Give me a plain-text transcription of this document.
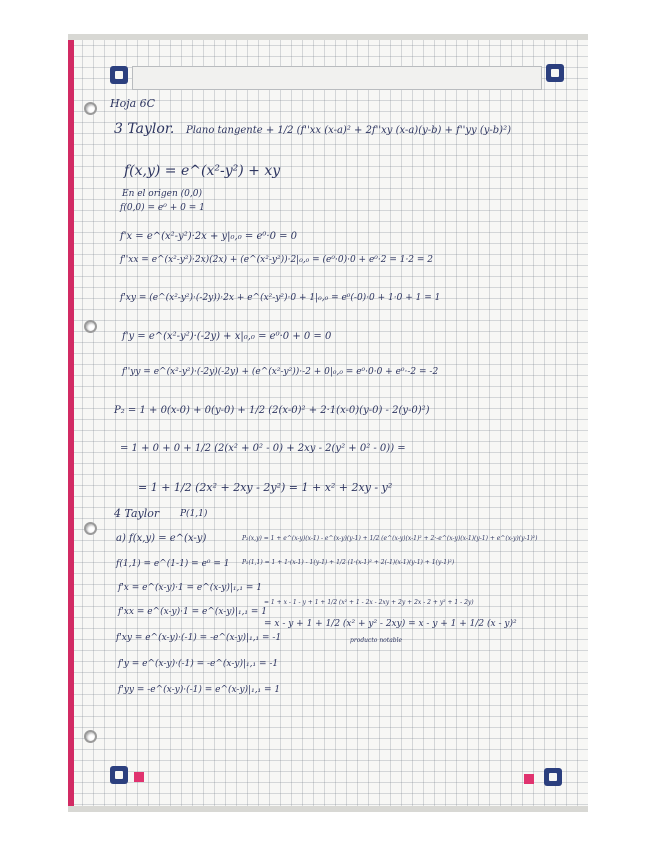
Hoja 6C
3 Taylor. Plano tangente + 1/2 (f''xx (x-a)² + 2f''xy (x-a)(y-b) + f''yy (y-b)²)
f(x,y) = e^(x²-y²) + xy
En el origen (0,0)
f(0,0) = e⁰ + 0 = 1
f'x = e^(x²-y²)·2x + y|₀,₀ = e⁰·0 = 0
f''xx = e^(x²-y²)·2x)(2x) + (e^(x²-y²))·2|₀,₀ = (e⁰·0)·0 + e⁰·2 = 1·2 = 2
f'xy = (e^(x²-y²)·(-2y))·2x + e^(x²-y²)·0 + 1|₀,₀ = e⁰(-0)·0 + 1·0 + 1 = 1
f'y = e^(x²-y²)·(-2y) + x|₀,₀ = e⁰·0 + 0 = 0
f''yy = e^(x²-y²)·(-2y)(-2y) + (e^(x²-y²))·-2 + 0|₀,₀ = e⁰·0·0 + e⁰·-2 = -2
P₂ = 1 + 0(x-0) + 0(y-0) + 1/2 (2(x-0)² + 2·1(x-0)(y-0) - 2(y-0)²)
= 1 + 0 + 0 + 1/2 (2(x² + 0² - 0) + 2xy - 2(y² + 0² - 0)) =
= 1 + 1/2 (2x² + 2xy - 2y²) = 1 + x² + 2xy - y²
4 Taylor P(1,1)
a) f(x,y) = e^(x-y)
f(1,1) = e^(1-1) = e⁰ = 1
f'x = e^(x-y)·1 = e^(x-y)|₁,₁ = 1
f'xx = e^(x-y)·1 = e^(x-y)|₁,₁ = 1
f'xy = e^(x-y)·(-1) = -e^(x-y)|₁,₁ = -1
f'y = e^(x-y)·(-1) = -e^(x-y)|₁,₁ = -1
f'yy = -e^(x-y)·(-1) = e^(x-y)|₁,₁ = 1
P₂(x,y) = 1 + e^(x-y)(x-1) - e^(x-y)(y-1) + 1/2 (e^(x-y)(x-1)² + 2·-e^(x-y)(x-1)(y-1) + e^(x-y)(y-1)²)
P₂(1,1) = 1 + 1·(x-1) - 1(y-1) + 1/2 (1·(x-1)² + 2(-1)(x-1)(y-1) + 1(y-1)²)
= 1 + x - 1 - y + 1 + 1/2 (x² + 1 - 2x - 2xy + 2y + 2x - 2 + y² + 1 - 2y)
= x - y + 1 + 1/2 (x² + y² - 2xy) = x - y + 1 + 1/2 (x - y)²
producto notable
